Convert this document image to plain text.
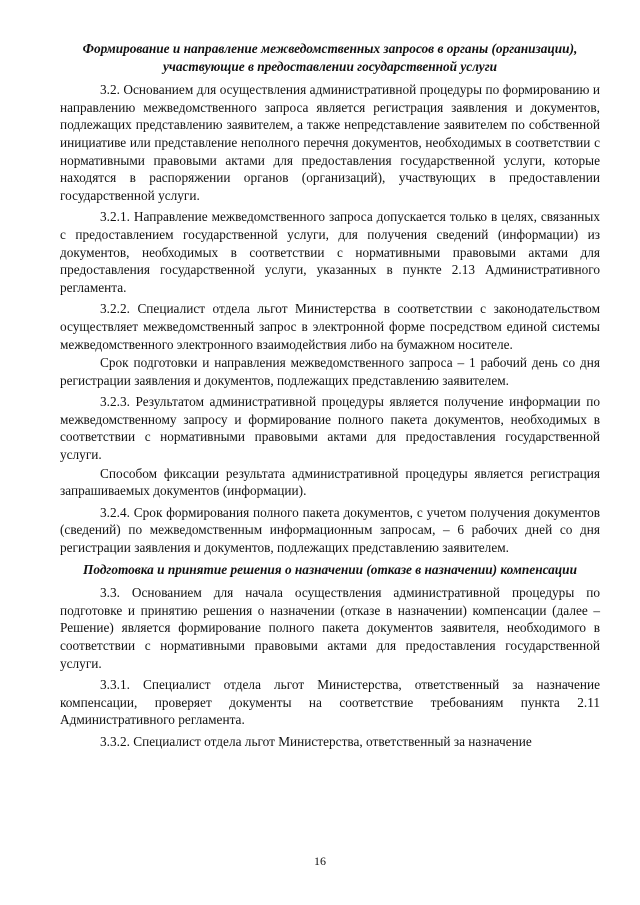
Формирование и направление межведомственных запросов в органы (организации), участвующие в предоставлении государственной услуги

3.2. Основанием для осуществления административной процедуры по формированию и направлению межведомственного запроса является регистрация заявления и документов, подлежащих представлению заявителем, а также непредставление заявителем по собственной инициативе или представление неполного перечня документов, необходимых в соответствии с нормативными правовыми актами для предоставления государственной услуги, которые находятся в распоряжении органов (организаций), участвующих в предоставлении государственной услуги.

3.2.1. Направление межведомственного запроса допускается только в целях, связанных с предоставлением государственной услуги, для получения сведений (информации) из документов, необходимых в соответствии с нормативными правовыми актами для предоставления государственной услуги, указанных в пункте 2.13 Административного регламента.

3.2.2. Специалист отдела льгот Министерства в соответствии с законодательством осуществляет межведомственный запрос в электронной форме посредством единой системы межведомственного электронного взаимодействия либо на бумажном носителе.

Срок подготовки и направления межведомственного запроса – 1 рабочий день со дня регистрации заявления и документов, подлежащих представлению заявителем.

3.2.3. Результатом административной процедуры является получение информации по межведомственному запросу и формирование полного пакета документов, необходимых в соответствии с нормативными правовыми актами для предоставления государственной услуги.

Способом фиксации результата административной процедуры является регистрация запрашиваемых документов (информации).

3.2.4. Срок формирования полного пакета документов, с учетом получения документов (сведений) по межведомственным информационным запросам, – 6 рабочих дней со дня регистрации заявления и документов, подлежащих представлению заявителем.

Подготовка и принятие решения о назначении (отказе в назначении) компенсации

3.3. Основанием для начала осуществления административной процедуры по подготовке и принятию решения о назначении (отказе в назначении) компенсации (далее – Решение) является формирование полного пакета документов заявителя, необходимого в соответствии с нормативными правовыми актами для предоставления государственной услуги.

3.3.1. Специалист отдела льгот Министерства, ответственный за назначение компенсации, проверяет документы на соответствие требованиям пункта 2.11 Административного регламента.

3.3.2. Специалист отдела льгот Министерства, ответственный за назначение

16
